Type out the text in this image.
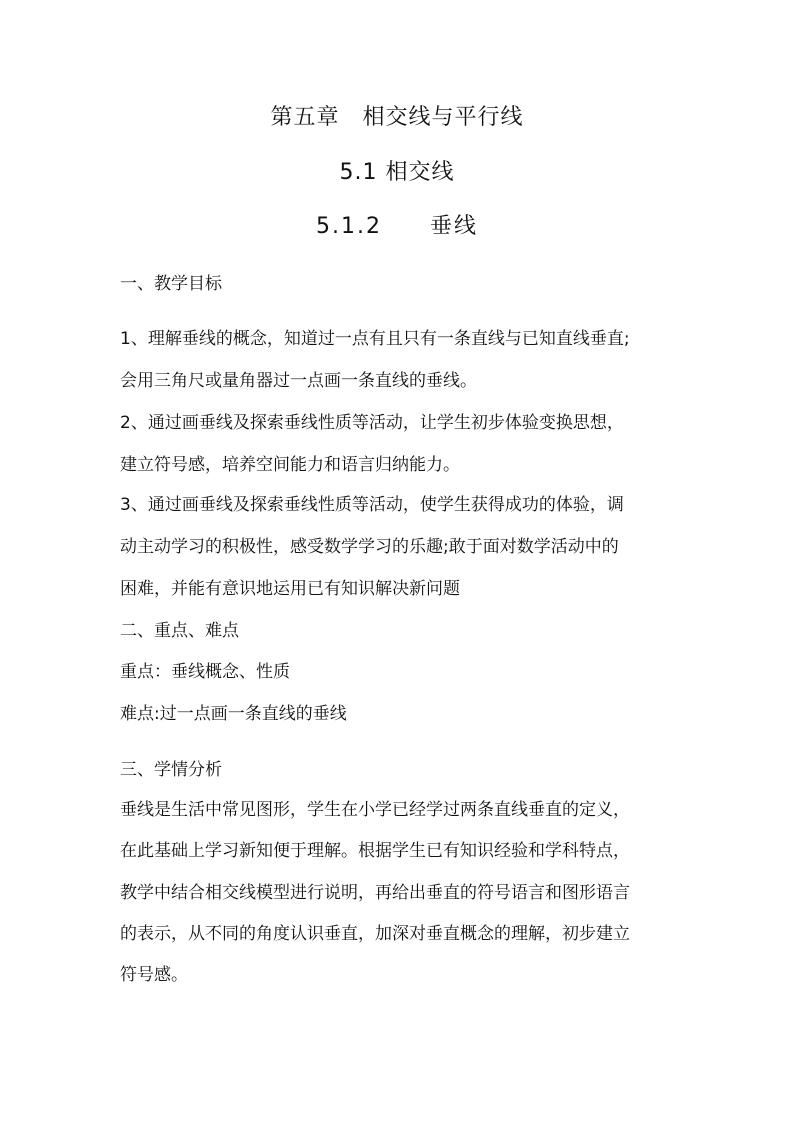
第五章　相交线与平行线
5.1 相交线
5.1.2　　垂线
一、教学目标
1、理解垂线的概念，知道过一点有且只有一条直线与已知直线垂直;
会用三角尺或量角器过一点画一条直线的垂线。
2、通过画垂线及探索垂线性质等活动，让学生初步体验变换思想，
建立符号感，培养空间能力和语言归纳能力。
3、通过画垂线及探索垂线性质等活动，使学生获得成功的体验，调
动主动学习的积极性，感受数学学习的乐趣;敢于面对数学活动中的
困难，并能有意识地运用已有知识解决新问题
二、重点、难点
重点：垂线概念、性质
难点:过一点画一条直线的垂线
三、学情分析
垂线是生活中常见图形，学生在小学已经学过两条直线垂直的定义，
在此基础上学习新知便于理解。根据学生已有知识经验和学科特点，
教学中结合相交线模型进行说明，再给出垂直的符号语言和图形语言
的表示，从不同的角度认识垂直，加深对垂直概念的理解，初步建立
符号感。
